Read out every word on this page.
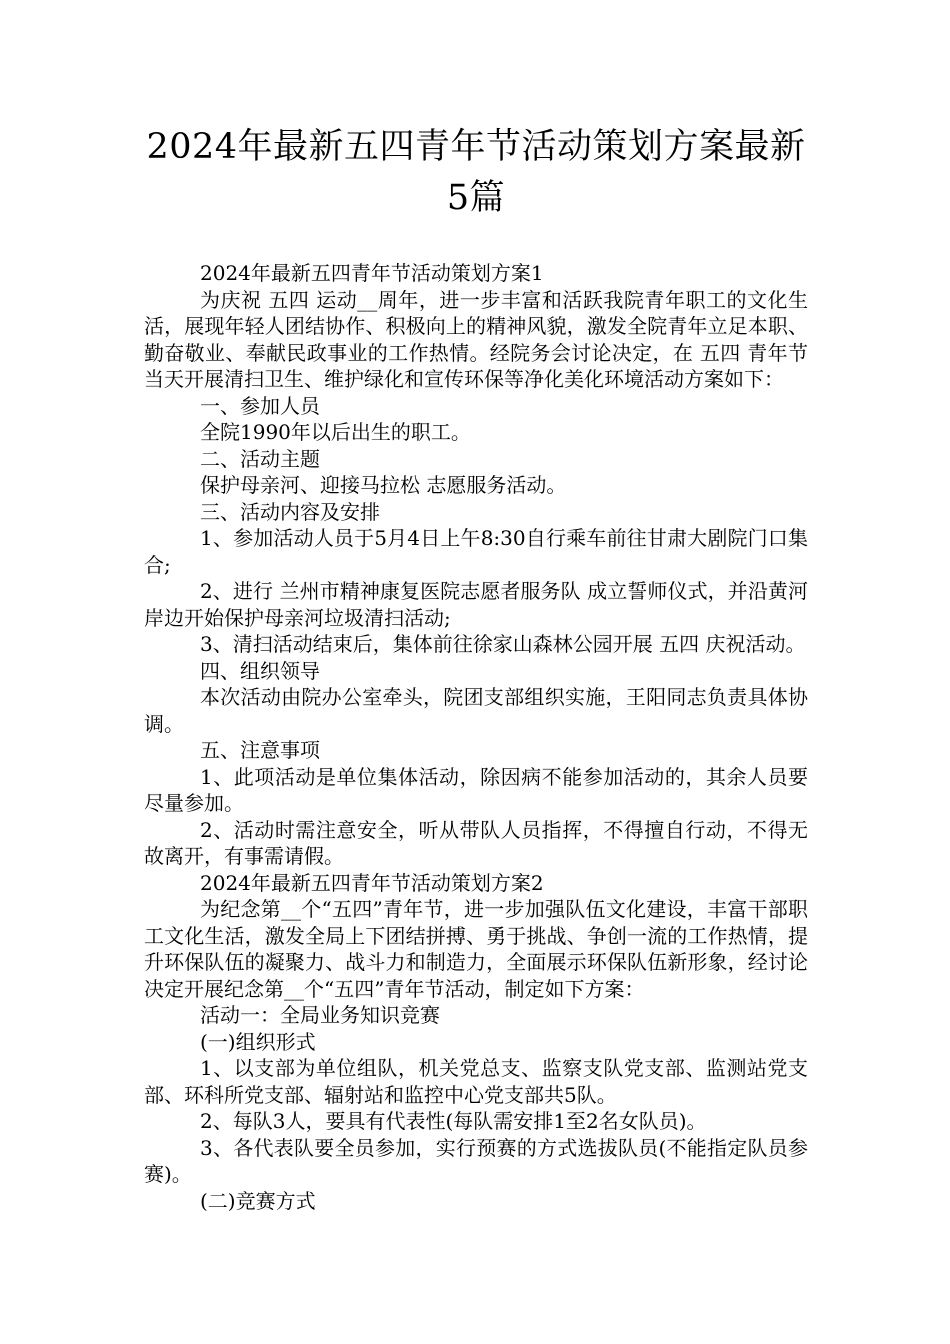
2024年最新五四青年节活动策划方案最新
5篇

2024年最新五四青年节活动策划方案1

为庆祝 五四 运动__周年，进一步丰富和活跃我院青年职工的文化生活，展现年轻人团结协作、积极向上的精神风貌，激发全院青年立足本职、勤奋敬业、奉献民政事业的工作热情。经院务会讨论决定，在 五四 青年节当天开展清扫卫生、维护绿化和宣传环保等净化美化环境活动方案如下：

一、参加人员

全院1990年以后出生的职工。

二、活动主题

保护母亲河、迎接马拉松 志愿服务活动。

三、活动内容及安排

1、参加活动人员于5月4日上午8:30自行乘车前往甘肃大剧院门口集合;

2、进行 兰州市精神康复医院志愿者服务队 成立誓师仪式，并沿黄河岸边开始保护母亲河垃圾清扫活动;

3、清扫活动结束后，集体前往徐家山森林公园开展 五四 庆祝活动。

四、组织领导

本次活动由院办公室牵头，院团支部组织实施，王阳同志负责具体协调。

五、注意事项

1、此项活动是单位集体活动，除因病不能参加活动的，其余人员要尽量参加。

2、活动时需注意安全，听从带队人员指挥，不得擅自行动，不得无故离开，有事需请假。

2024年最新五四青年节活动策划方案2

为纪念第__个“五四”青年节，进一步加强队伍文化建设，丰富干部职工文化生活，激发全局上下团结拼搏、勇于挑战、争创一流的工作热情，提升环保队伍的凝聚力、战斗力和制造力，全面展示环保队伍新形象，经讨论决定开展纪念第__个“五四”青年节活动，制定如下方案：

活动一：全局业务知识竞赛

(一)组织形式

1、以支部为单位组队，机关党总支、监察支队党支部、监测站党支部、环科所党支部、辐射站和监控中心党支部共5队。

2、每队3人，要具有代表性(每队需安排1至2名女队员)。

3、各代表队要全员参加，实行预赛的方式选拔队员(不能指定队员参赛)。

(二)竞赛方式
